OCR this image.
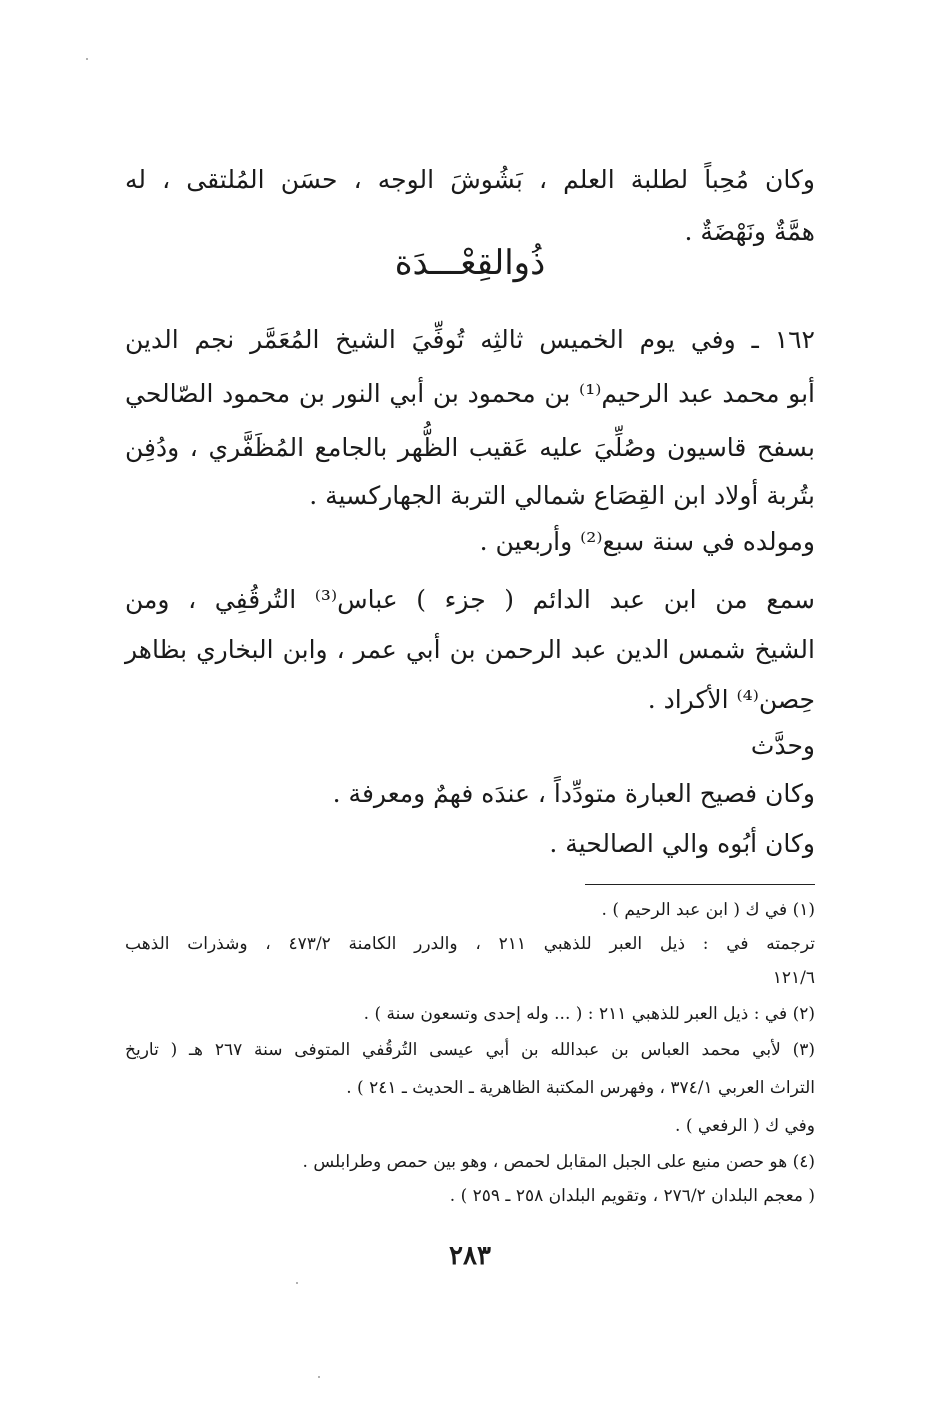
وكان مُحِباً لطلبة العلم ، بَشُوشَ الوجه ، حسَن المُلتقى ، له
همَّةٌ ونَهْضَةٌ .
ذُوالقِعْـــدَة
١٦٢ ـ وفي يوم الخميس ثالثِه تُوفِّيَ الشيخ المُعَمَّر نجم الدين
أبو محمد عبد الرحيم⁽¹⁾ بن محمود بن أبي النور بن محمود الصّالحي
بسفح قاسيون وصُلِّيَ عليه عَقيب الظُّهر بالجامع المُظَفَّري ، ودُفِن
بتُربة أولاد ابن القِصَاع شمالي التربة الجهاركسية .
ومولده في سنة سبع⁽²⁾ وأربعين .
سمع من ابن عبد الدائم ( جزء ) عباس⁽³⁾ التُرقُفِي ، ومن
الشيخ شمس الدين عبد الرحمن بن أبي عمر ، وابن البخاري بظاهر
حِصن⁽⁴⁾ الأكراد .
وحدَّث
وكان فصيح العبارة متودِّداً ، عندَه فهمٌ ومعرفة .
وكان أبُوه والي الصالحية .
(١) في ك ( ابن عبد الرحيم ) .
ترجمته في : ذيل العبر للذهبي ٢١١ ، والدرر الكامنة ٤٧٣/٢ ، وشذرات الذهب
١٢١/٦
(٢) في : ذيل العبر للذهبي ٢١١ : ( ... وله إحدى وتسعون سنة ) .
(٣) لأبي محمد العباس بن عبدالله بن أبي عيسى التُرقُفي المتوفى سنة ٢٦٧ هـ ( تاريخ
التراث العربي ٣٧٤/١ ، وفهرس المكتبة الظاهرية ـ الحديث ـ ٢٤١ ) .
وفي ك ( الرفعي ) .
(٤) هو حصن منيع على الجبل المقابل لحمص ، وهو بين حمص وطرابلس .
( معجم البلدان ٢٧٦/٢ ، وتقويم البلدان ٢٥٨ ـ ٢٥٩ ) .
٢٨٣
